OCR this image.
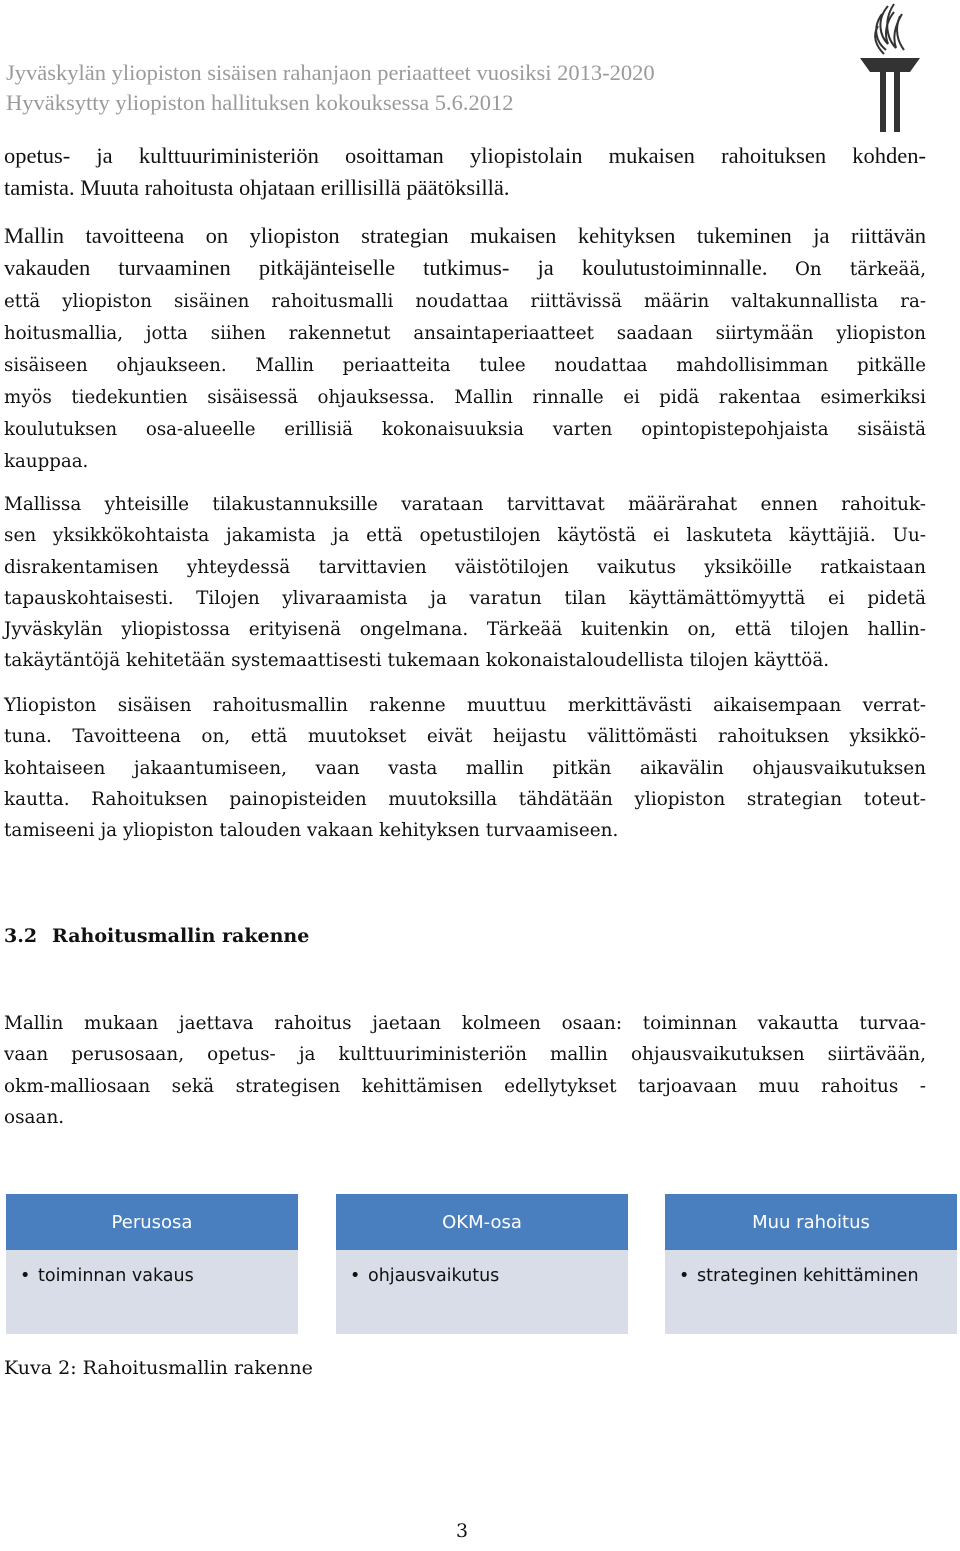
Jyväskylän yliopiston sisäisen rahanjaon periaatteet vuosiksi 2013-2020
Hyväksytty yliopiston hallituksen kokouksessa 5.6.2012
opetus- ja kulttuuriministeriön osoittaman yliopistolain mukaisen rahoituksen kohden-
tamista. Muuta rahoitusta ohjataan erillisillä päätöksillä.
Mallin tavoitteena on yliopiston strategian mukaisen kehityksen tukeminen ja riittävän
vakauden turvaaminen pitkäjänteiselle tutkimus- ja koulutustoiminnalle. On tärkeää,
että yliopiston sisäinen rahoitusmalli noudattaa riittävissä määrin valtakunnallista ra-
hoitusmallia, jotta siihen rakennetut ansaintaperiaatteet saadaan siirtymään yliopiston
sisäiseen ohjaukseen. Mallin periaatteita tulee noudattaa mahdollisimman pitkälle
myös tiedekuntien sisäisessä ohjauksessa. Mallin rinnalle ei pidä rakentaa esimerkiksi
koulutuksen osa-alueelle erillisiä kokonaisuuksia varten opintopistepohjaista sisäistä
kauppaa.
Mallissa yhteisille tilakustannuksille varataan tarvittavat määrärahat ennen rahoituk-
sen yksikkökohtaista jakamista ja että opetustilojen käytöstä ei laskuteta käyttäjiä. Uu-
disrakentamisen yhteydessä tarvittavien väistötilojen vaikutus yksiköille ratkaistaan
tapauskohtaisesti. Tilojen ylivaraamista ja varatun tilan käyttämättömyyttä ei pidetä
Jyväskylän yliopistossa erityisenä ongelmana. Tärkeää kuitenkin on, että tilojen hallin-
takäytäntöjä kehitetään systemaattisesti tukemaan kokonaistaloudellista tilojen käyttöä.
Yliopiston sisäisen rahoitusmallin rakenne muuttuu merkittävästi aikaisempaan verrat-
tuna. Tavoitteena on, että muutokset eivät heijastu välittömästi rahoituksen yksikkö-
kohtaiseen jakaantumiseen, vaan vasta mallin pitkän aikavälin ohjausvaikutuksen
kautta. Rahoituksen painopisteiden muutoksilla tähdätään yliopiston strategian toteut-
tamiseeni ja yliopiston talouden vakaan kehityksen turvaamiseen.
3.2 Rahoitusmallin rakenne
Mallin mukaan jaettava rahoitus jaetaan kolmeen osaan: toiminnan vakautta turvaa-
vaan perusosaan, opetus- ja kulttuuriministeriön mallin ohjausvaikutuksen siirtävään,
okm-malliosaan sekä strategisen kehittämisen edellytykset tarjoavaan muu rahoitus -
osaan.
Perusosa
• toiminnan vakaus
OKM-osa
• ohjausvaikutus
Muu rahoitus
• strateginen kehittäminen
Kuva 2: Rahoitusmallin rakenne
3
